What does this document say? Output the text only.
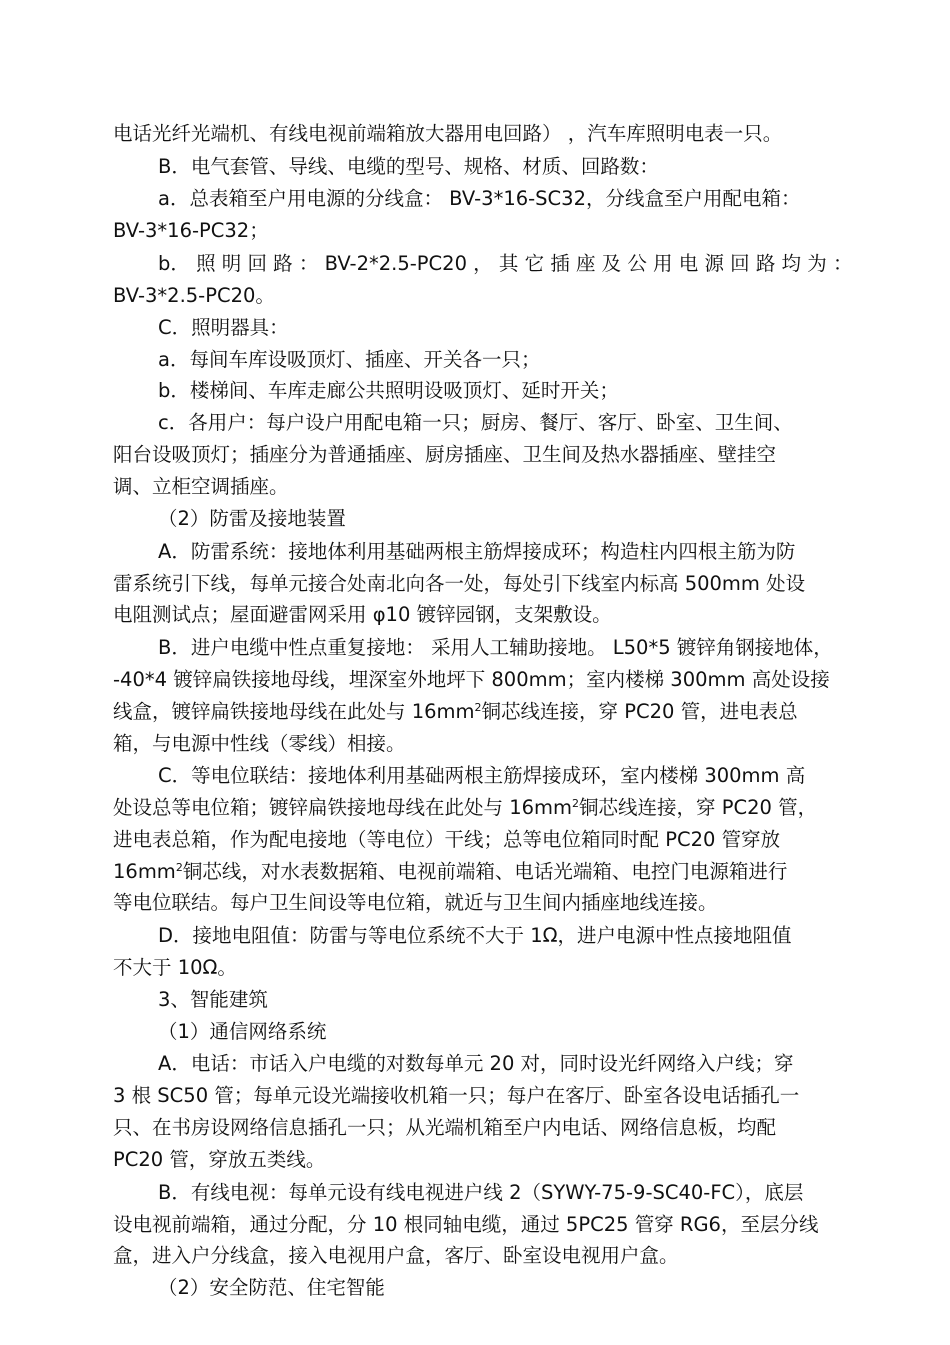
电话光纤光端机、有线电视前端箱放大器用电回路） ，汽车库照明电表一只。
B．电气套管、导线、电缆的型号、规格、材质、回路数：
a．总表箱至户用电源的分线盒： BV-3*16-SC32，分线盒至户用配电箱：
BV-3*16-PC32；
b． 照 明 回 路 ： BV-2*2.5-PC20 ， 其 它 插 座 及 公 用 电 源 回 路 均 为 ：
BV-3*2.5-PC20。
C．照明器具：
a．每间车库设吸顶灯、插座、开关各一只；
b．楼梯间、车库走廊公共照明设吸顶灯、延时开关；
c．各用户：每户设户用配电箱一只；厨房、餐厅、客厅、卧室、卫生间、
阳台设吸顶灯；插座分为普通插座、厨房插座、卫生间及热水器插座、壁挂空
调、立柜空调插座。
（2）防雷及接地装置
A．防雷系统：接地体利用基础两根主筋焊接成环；构造柱内四根主筋为防
雷系统引下线，每单元接合处南北向各一处，每处引下线室内标高 500mm 处设
电阻测试点；屋面避雷网采用 φ10 镀锌园钢，支架敷设。
B．进户电缆中性点重复接地： 采用人工辅助接地。 L50*5 镀锌角钢接地体，
-40*4 镀锌扁铁接地母线，埋深室外地坪下 800mm；室内楼梯 300mm 高处设接
线盒，镀锌扁铁接地母线在此处与 $16mm^2$铜芯线连接，穿 PC20 管，进电表总
箱，与电源中性线（零线）相接。
C．等电位联结：接地体利用基础两根主筋焊接成环，室内楼梯 300mm 高
处设总等电位箱；镀锌扁铁接地母线在此处与 $16mm^2$铜芯线连接，穿 PC20 管，
进电表总箱，作为配电接地（等电位）干线；总等电位箱同时配 PC20 管穿放
$16mm^2$铜芯线，对水表数据箱、电视前端箱、电话光端箱、电控门电源箱进行
等电位联结。每户卫生间设等电位箱，就近与卫生间内插座地线连接。
D．接地电阻值：防雷与等电位系统不大于 1Ω，进户电源中性点接地阻值
不大于 10Ω。
3、智能建筑
（1）通信网络系统
A．电话：市话入户电缆的对数每单元 20 对，同时设光纤网络入户线；穿
3 根 SC50 管；每单元设光端接收机箱一只；每户在客厅、卧室各设电话插孔一
只、在书房设网络信息插孔一只；从光端机箱至户内电话、网络信息板，均配
PC20 管，穿放五类线。
B．有线电视：每单元设有线电视进户线 2（SYWY-75-9-SC40-FC），底层
设电视前端箱，通过分配，分 10 根同轴电缆，通过 5PC25 管穿 RG6，至层分线
盒，进入户分线盒，接入电视用户盒，客厅、卧室设电视用户盒。
（2）安全防范、住宅智能
